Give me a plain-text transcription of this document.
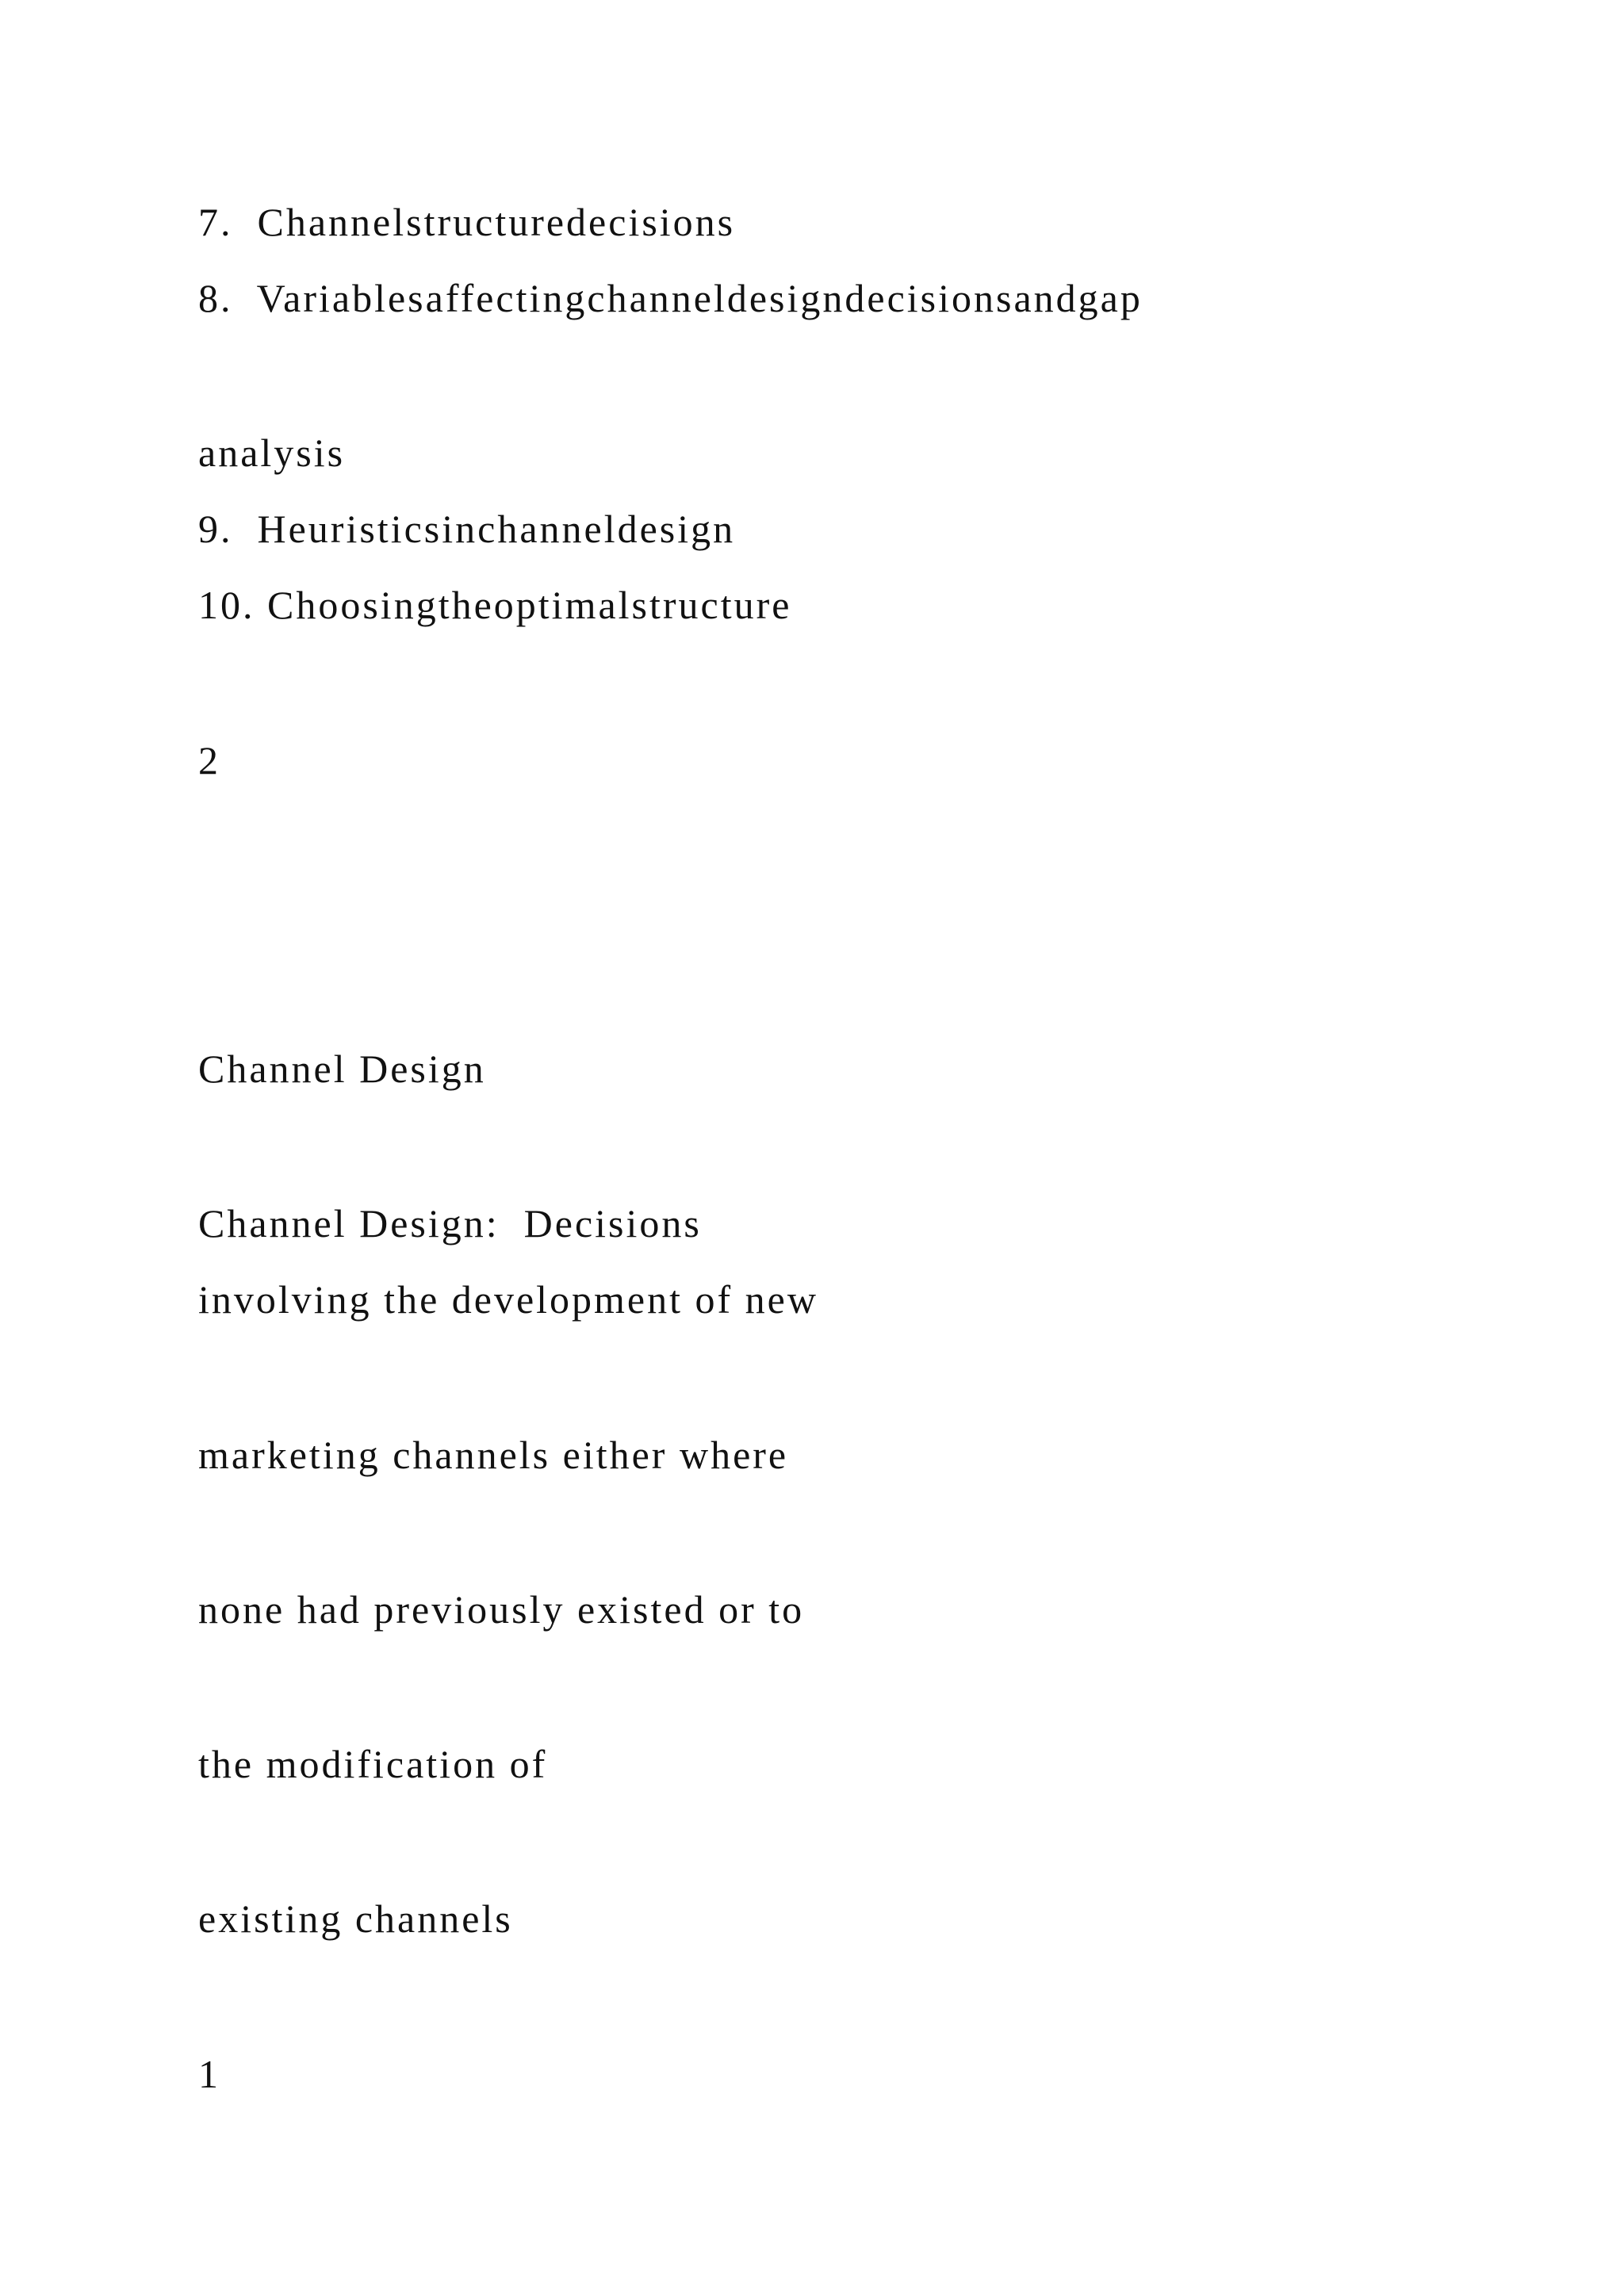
7.  Channelstructuredecisions
8.  Variablesaffectingchanneldesigndecisionsandgap
analysis
9.  Heuristicsinchanneldesign
10. Choosingtheoptimalstructure
2
Channel Design
Channel Design:  Decisions
involving the development of new
marketing channels either where
none had previously existed or to
the modification of
existing channels
1
